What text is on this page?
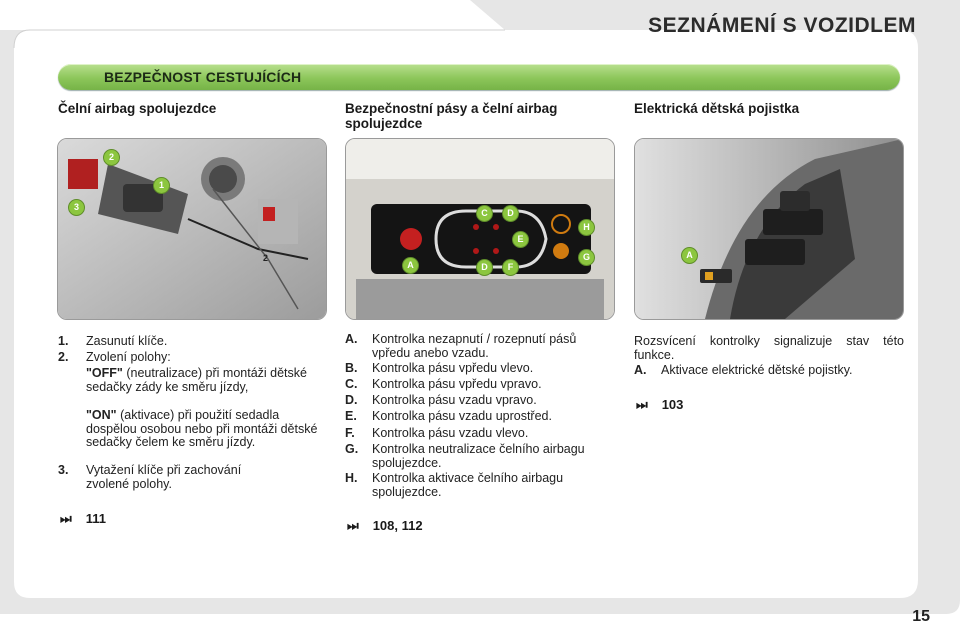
SEZNÁMENÍ S VOZIDLEM
BEZPEČNOST CESTUJÍCÍCH
Čelní airbag spolujezdce
2
1
3
2
1. Zasunutí klíče.
2. Zvolení polohy:
"OFF" (neutralizace) při montáži dětské sedačky zády ke směru jízdy,
"ON" (aktivace) při použití sedadla dospělou osobou nebo při montáži dětské sedačky čelem ke směru jízdy.
3. Vytažení klíče při zachování zvolené polohy.
⏭ 111
Bezpečnostní pásy a čelní airbag spolujezdce
C	D
E
H
G
A	D	F
A. Kontrolka nezapnutí / rozepnutí pásů vpředu anebo vzadu.
B. Kontrolka pásu vpředu vlevo.
C. Kontrolka pásu vpředu vpravo.
D. Kontrolka pásu vzadu vpravo.
E. Kontrolka pásu vzadu uprostřed.
F. Kontrolka pásu vzadu vlevo.
G. Kontrolka neutralizace čelního airbagu spolujezdce.
H. Kontrolka aktivace čelního airbagu spolujezdce.
⏭ 108, 112
Elektrická dětská pojistka
A
Rozsvícení kontrolky signalizuje stav této funkce.
A. Aktivace elektrické dětské pojistky.
⏭ 103
15
